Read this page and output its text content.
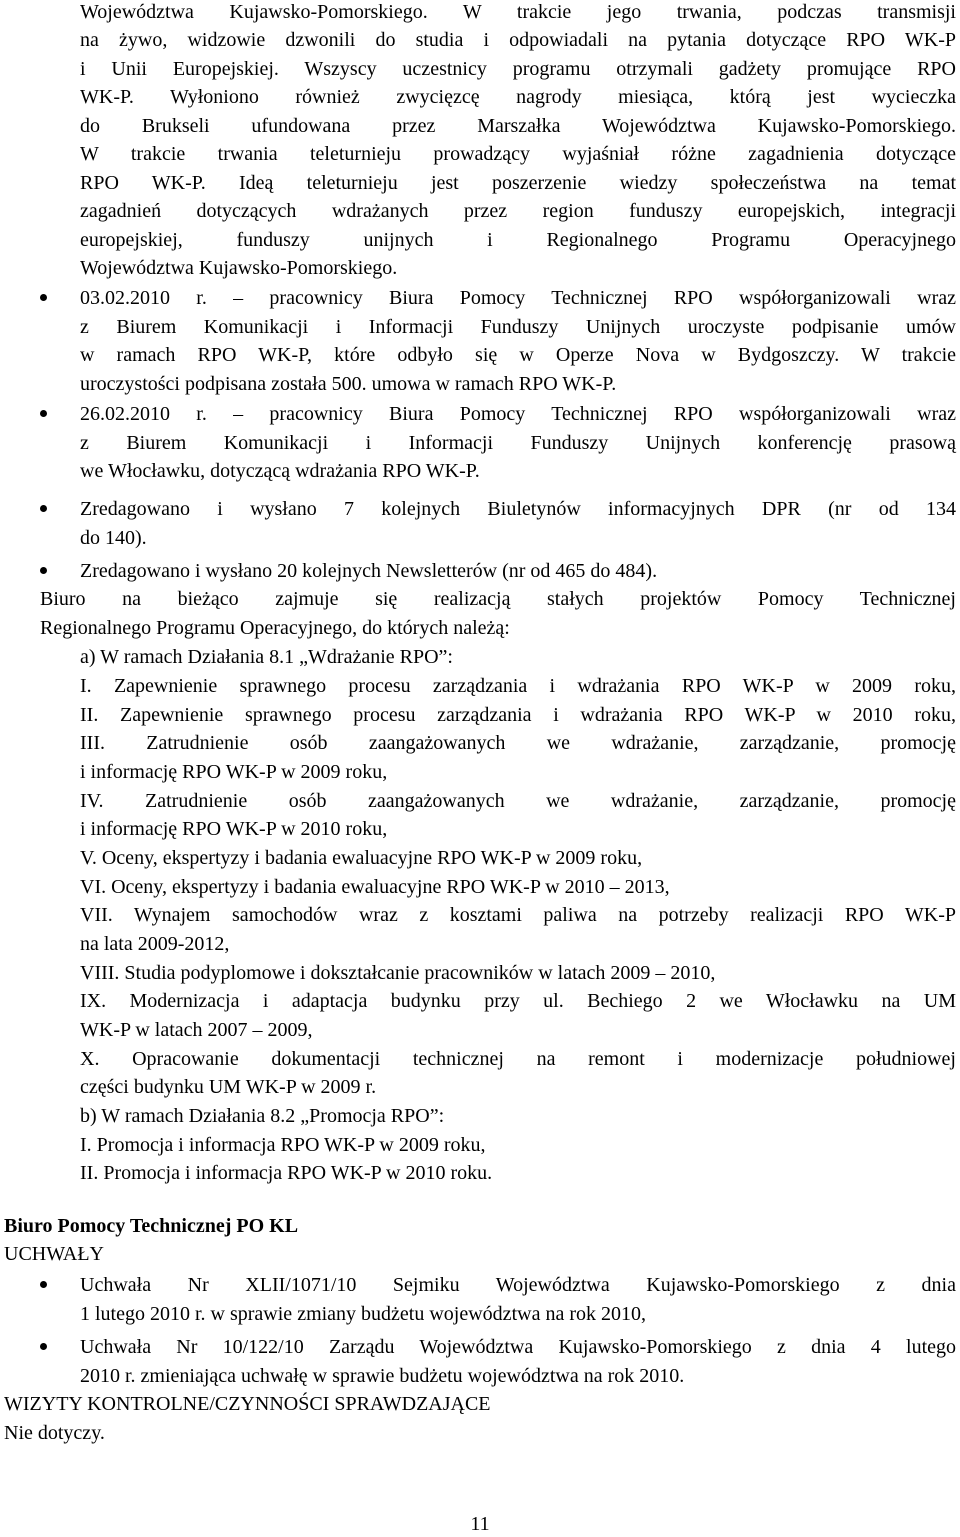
Województwa Kujawsko-Pomorskiego. W trakcie jego trwania, podczas transmisji
na żywo, widzowie dzwonili do studia i odpowiadali na pytania dotyczące RPO WK-P
i Unii Europejskiej. Wszyscy uczestnicy programu otrzymali gadżety promujące RPO
WK-P. Wyłoniono również zwycięzcę nagrody miesiąca, którą jest wycieczka
do Brukseli ufundowana przez Marszałka Województwa Kujawsko-Pomorskiego.
W trakcie trwania teleturnieju prowadzący wyjaśniał różne zagadnienia dotyczące
RPO WK-P. Ideą teleturnieju jest poszerzenie wiedzy społeczeństwa na temat
zagadnień dotyczących wdrażanych przez region funduszy europejskich, integracji
europejskiej, funduszy unijnych i Regionalnego Programu Operacyjnego
Województwa Kujawsko-Pomorskiego.
03.02.2010 r. – pracownicy Biura Pomocy Technicznej RPO współorganizowali wraz
z Biurem Komunikacji i Informacji Funduszy Unijnych uroczyste podpisanie umów
w ramach RPO WK-P, które odbyło się w Operze Nova w Bydgoszczy. W trakcie
uroczystości podpisana została 500. umowa w ramach RPO WK-P.
26.02.2010 r. – pracownicy Biura Pomocy Technicznej RPO współorganizowali wraz
z Biurem Komunikacji i Informacji Funduszy Unijnych konferencję prasową
we Włocławku, dotyczącą wdrażania RPO WK-P.
Zredagowano i wysłano 7 kolejnych Biuletynów informacyjnych DPR (nr od 134
do 140).
Zredagowano i wysłano 20 kolejnych Newsletterów (nr od 465 do 484).
Biuro na bieżąco zajmuje się realizacją stałych projektów Pomocy Technicznej
Regionalnego Programu Operacyjnego, do których należą:
a) W ramach Działania 8.1 „Wdrażanie RPO”:
I. Zapewnienie sprawnego procesu zarządzania i wdrażania RPO WK-P w 2009 roku,
II. Zapewnienie sprawnego procesu zarządzania i wdrażania RPO WK-P w 2010 roku,
III. Zatrudnienie osób zaangażowanych we wdrażanie, zarządzanie, promocję
i informację RPO WK-P w 2009 roku,
IV. Zatrudnienie osób zaangażowanych we wdrażanie, zarządzanie, promocję
i informację RPO WK-P w 2010 roku,
V. Oceny, ekspertyzy i badania ewaluacyjne RPO WK-P w 2009 roku,
VI. Oceny, ekspertyzy i badania ewaluacyjne RPO WK-P w 2010 – 2013,
VII. Wynajem samochodów wraz z kosztami paliwa na potrzeby realizacji RPO WK-P
na lata 2009-2012,
VIII. Studia podyplomowe i dokształcanie pracowników w latach 2009 – 2010,
IX. Modernizacja i adaptacja budynku przy ul. Bechiego 2 we Włocławku na UM
WK-P w latach 2007 – 2009,
X. Opracowanie dokumentacji technicznej na remont i modernizacje południowej
części budynku UM WK-P w 2009 r.
b) W ramach Działania 8.2 „Promocja RPO”:
I. Promocja i informacja RPO WK-P w 2009 roku,
II. Promocja i informacja RPO WK-P w 2010 roku.
Biuro Pomocy Technicznej PO KL
UCHWAŁY
Uchwała Nr XLII/1071/10 Sejmiku Województwa Kujawsko-Pomorskiego z dnia
1 lutego 2010 r. w sprawie zmiany budżetu województwa na rok 2010,
Uchwała Nr 10/122/10 Zarządu Województwa Kujawsko-Pomorskiego z dnia 4 lutego
2010 r. zmieniająca uchwałę w sprawie budżetu województwa na rok 2010.
WIZYTY KONTROLNE/CZYNNOŚCI SPRAWDZAJĄCE
Nie dotyczy.
11
